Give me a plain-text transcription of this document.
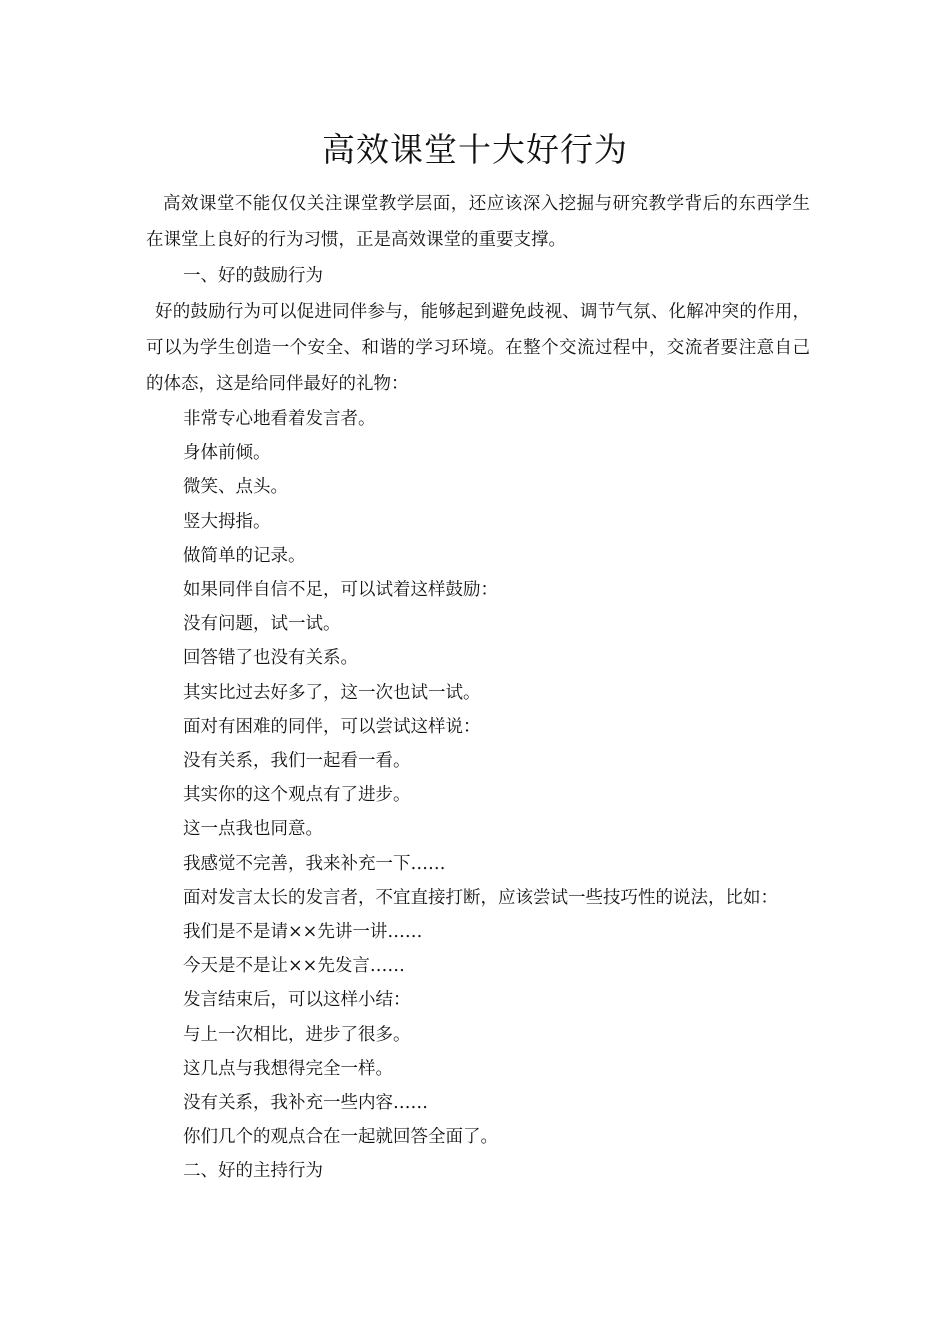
高效课堂十大好行为

高效课堂不能仅仅关注课堂教学层面，还应该深入挖掘与研究教学背后的东西学生在课堂上良好的行为习惯，正是高效课堂的重要支撑。

一、好的鼓励行为

好的鼓励行为可以促进同伴参与，能够起到避免歧视、调节气氛、化解冲突的作用，可以为学生创造一个安全、和谐的学习环境。在整个交流过程中，交流者要注意自己的体态，这是给同伴最好的礼物：

非常专心地看着发言者。

身体前倾。

微笑、点头。

竖大拇指。

做简单的记录。

如果同伴自信不足，可以试着这样鼓励：

没有问题，试一试。

回答错了也没有关系。

其实比过去好多了，这一次也试一试。

面对有困难的同伴，可以尝试这样说：

没有关系，我们一起看一看。

其实你的这个观点有了进步。

这一点我也同意。

我感觉不完善，我来补充一下……

面对发言太长的发言者，不宜直接打断，应该尝试一些技巧性的说法，比如：

我们是不是请××先讲一讲……

今天是不是让××先发言……

发言结束后，可以这样小结：

与上一次相比，进步了很多。

这几点与我想得完全一样。

没有关系，我补充一些内容……

你们几个的观点合在一起就回答全面了。

二、好的主持行为
